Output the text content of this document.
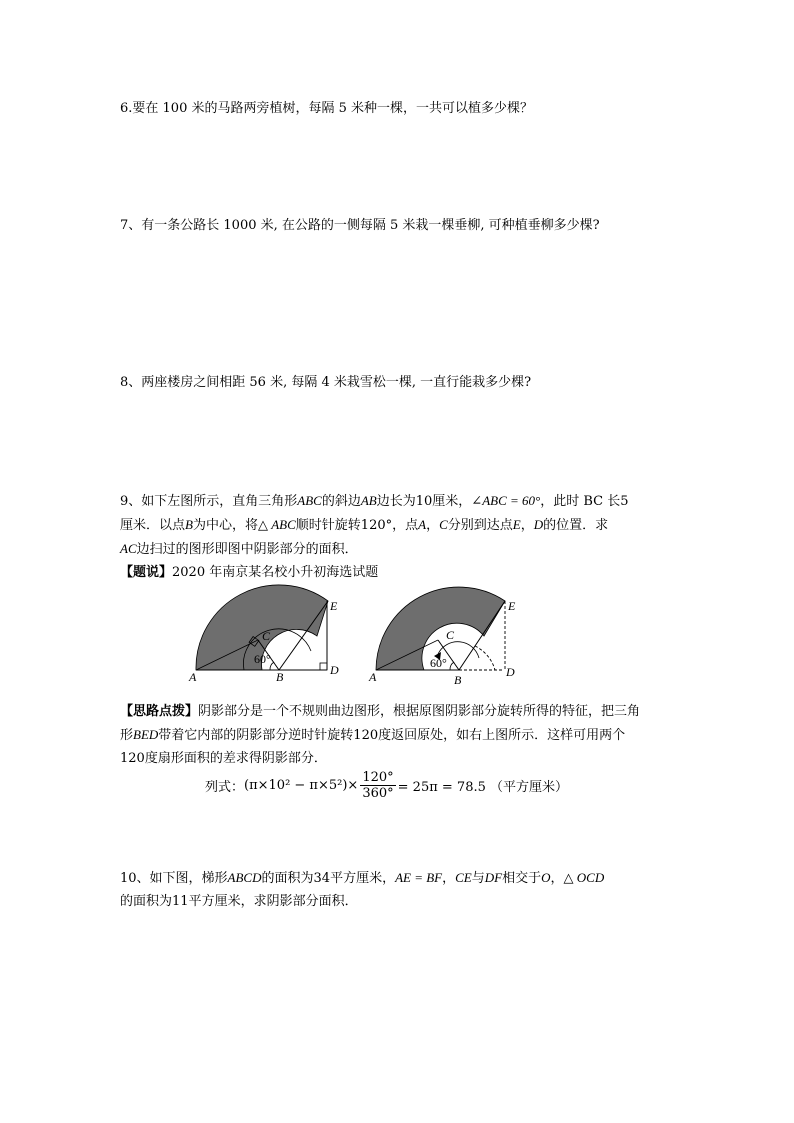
6.要在 100 米的马路两旁植树，每隔 5 米种一棵，一共可以植多少棵？

7、有一条公路长 1000 米, 在公路的一侧每隔 5 米栽一棵垂柳, 可种植垂柳多少棵?

8、两座楼房之间相距 56 米, 每隔 4 米栽雪松一棵, 一直行能栽多少棵?

9、如下左图所示，直角三角形ABC的斜边AB边长为10厘米，∠ABC = 60°，此时 BC 长5
厘米．以点B为中心，将△ ABC顺时针旋转120°，点A，C分别到达点E，D的位置．求
AC边扫过的图形即图中阴影部分的面积．
【题说】2020 年南京某名校小升初海选试题
A	B
C
D
E
60°
A	B
C
D
E
60°
【思路点拨】阴影部分是一个不规则曲边图形，根据原图阴影部分旋转所得的特征，把三角
形BED带着它内部的阴影部分逆时针旋转120度返回原处，如右上图所示．这样可用两个
120度扇形面积的差求得阴影部分．
列式： $(\pi\times 10^2 - \pi\times 5^2)\times \frac{120^\circ}{360^\circ} = 25\pi = 78.5$ （平方厘米）
10、如下图，梯形ABCD的面积为34平方厘米，AE = BF，CE与DF相交于O，△ OCD
的面积为11平方厘米，求阴影部分面积．
